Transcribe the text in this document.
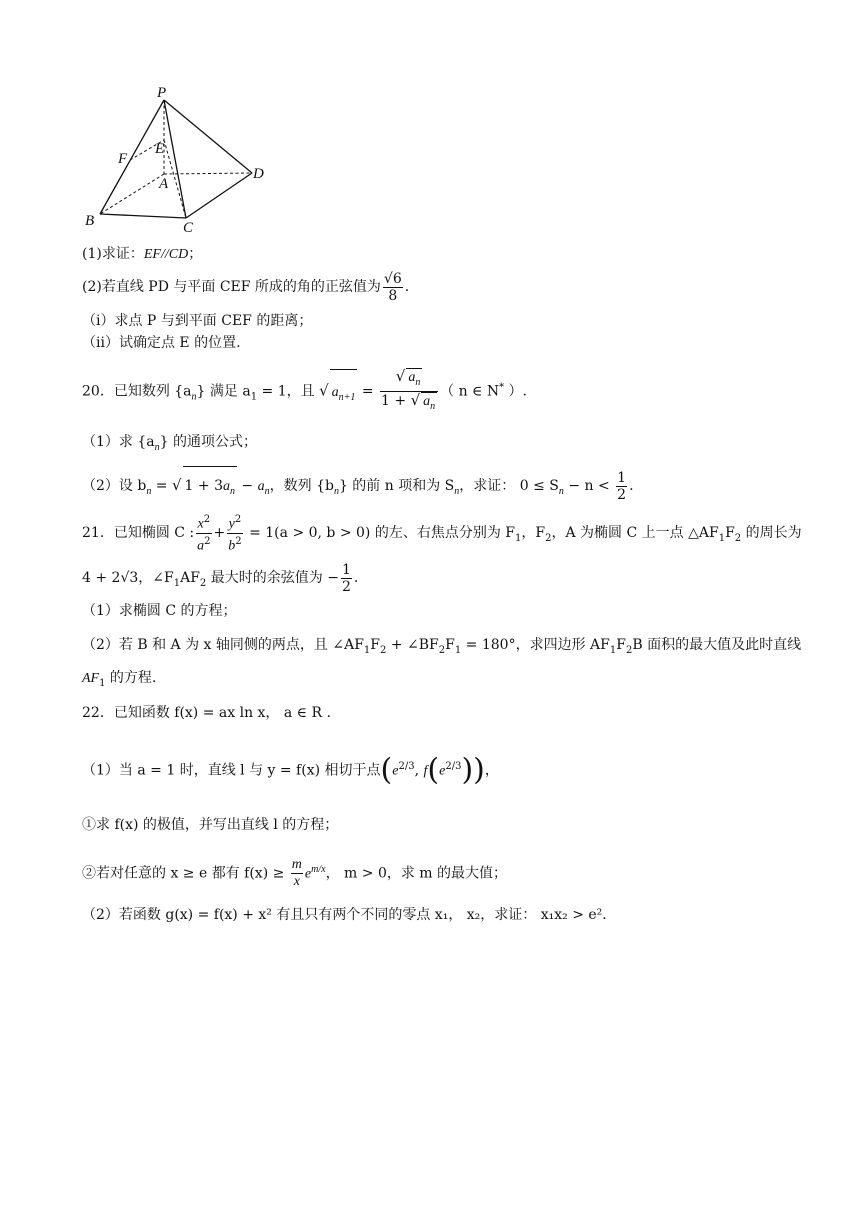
P
F
E
A
D
B	C
(1)求证：EF//CD；
(2)若直线 PD 与平面 CEF 所成的角的正弦值为 $\frac{√6}{8}$ .
（i）求点 P 与到平面 CEF 的距离；
（ii）试确定点 E 的位置.
20．已知数列 $\{a_n\}$ 满足 $a_1 = 1$，且 √ $a_{n+1} = \frac{√ a_n}{1 + √ a_n}$ （ n ∈ N* ）.
（1）求 $\{a_n\}$ 的通项公式；
（2）设 $b_n$ = √ $1 + 3a_n - a_n$，数列 $\{b_n\}$ 的前 n 项和为 $S_n$，求证： $0 \le S_n - n < \frac{1}{2}$ .
21．已知椭圆 C : $\frac{x^2}{a^2} + \frac{y^2}{b^2} = 1(a > 0$, b > 0) 的左、右焦点分别为 $F_1$，$F_2$，A 为椭圆 C 上一点 $\triangle AF_1F_2$ 的周长为
4 + 2√3，$\angle F_1AF_2$ 最大时的余弦值为 − $\frac{1}{2}$ .
（1）求椭圆 C 的方程；
（2）若 B 和 A 为 x 轴同侧的两点，且 $\angle AF_1F_2$ + $\angle BF_2F_1 = 180^\circ$，求四边形 $AF_1F_2B$ 面积的最大值及此时直线
$AF_1$ 的方程.
22．已知函数 f(x) = ax ln x， a ∈ R .
（1）当 a = 1 时，直线 l 与 y = f(x) 相切于点($e^{2/3}$, $f(e^{2/3})$)，
①求 f(x) 的极值，并写出直线 l 的方程；
②若对任意的 x ≥ e 都有 $f(x) \ge \frac{m}{x} e^{m/x}$， m > 0，求 m 的最大值；
（2）若函数 g(x) = f(x) + x² 有且只有两个不同的零点 x₁， x₂，求证： x₁x₂ > e².
